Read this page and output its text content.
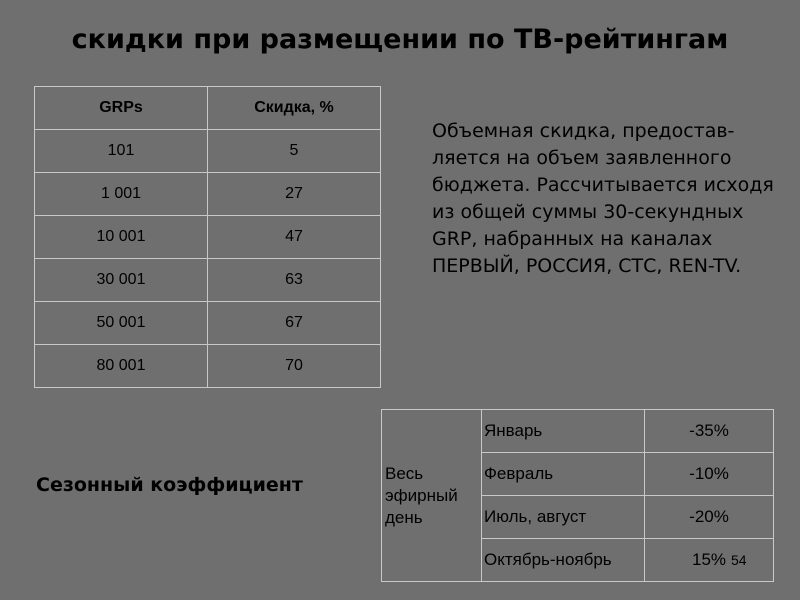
скидки при размещении по ТВ-рейтингам
GRPs	Скидка, %
101	5
1 001	27
10 001	47
30 001	63
50 001	67
80 001	70
Объемная скидка, предостав-
ляется на объем заявленного
бюджета. Рассчитывается исходя
из общей суммы 30-секундных
GRP, набранных на каналах
ПЕРВЫЙ, РОССИЯ, СТС, REN-TV.
Сезонный коэффициент
Весь
эфирный
день	Январь	-35%
	Февраль	-10%
	Июль, август	-20%
	Октябрь-ноябрь	15% 54
